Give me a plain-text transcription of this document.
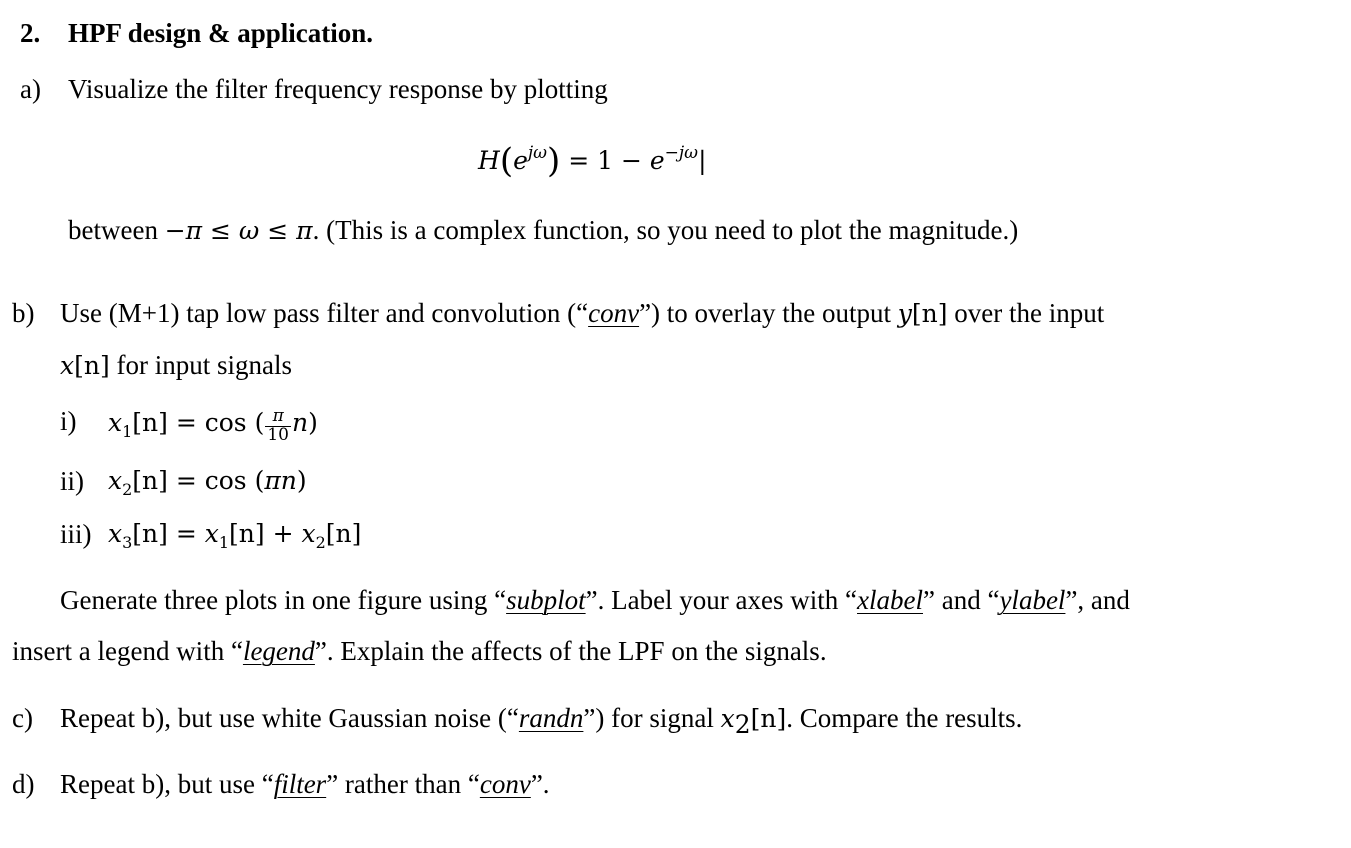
2. HPF design & application.
a) Visualize the filter frequency response by plotting
$H(e^{j\omega}) = 1 - e^{-j\omega}|$
between −π ≤ ω ≤ π. (This is a complex function, so you need to plot the magnitude.)
b) Use (M+1) tap low pass filter and convolution (“conv”) to overlay the output y[n] over the input
x[n] for input signals
i) $x_1[n] = \cos$ ( $\frac{\pi}{10} n$)
ii) $x_2[n] = \cos (\pi n)$
iii) $x_3[n] = x_1[n] + x_2[n]$
Generate three plots in one figure using “subplot”. Label your axes with “xlabel” and “ylabel”, and
insert a legend with “legend”. Explain the affects of the LPF on the signals.
c) Repeat b), but use white Gaussian noise (“randn”) for signal $x_2[n]$. Compare the results.
d) Repeat b), but use “filter” rather than “conv”.
